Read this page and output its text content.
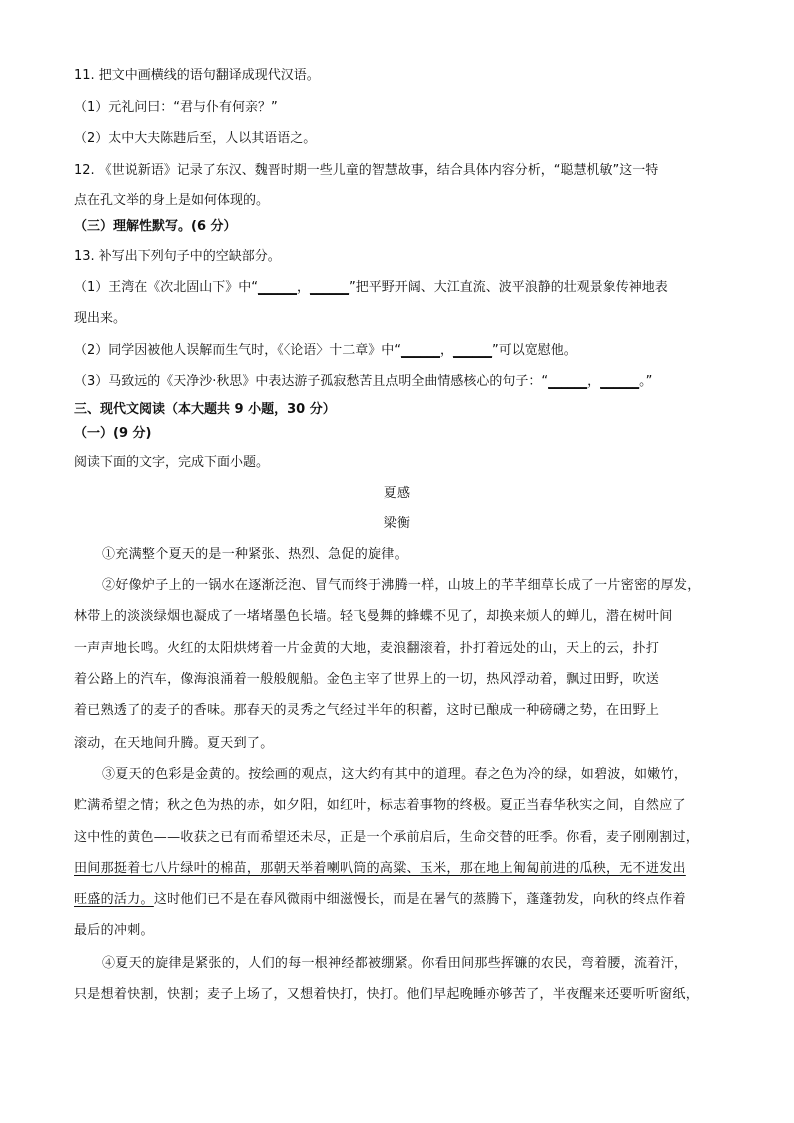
11. 把文中画横线的语句翻译成现代汉语。
（1）元礼问曰：“君与仆有何亲？”
（2）太中大夫陈韪后至，人以其语语之。
12. 《世说新语》记录了东汉、魏晋时期一些儿童的智慧故事，结合具体内容分析，“聪慧机敏”这一特
点在孔文举的身上是如何体现的。
（三）理解性默写。(6 分）
13. 补写出下列句子中的空缺部分。
（1）王湾在《次北固山下》中“______，______”把平野开阔、大江直流、波平浪静的壮观景象传神地表
现出来。
（2）同学因被他人误解而生气时，《〈论语〉十二章》中“______，______”可以宽慰他。
（3）马致远的《天净沙·秋思》中表达游子孤寂愁苦且点明全曲情感核心的句子：“______，______。”
三、现代文阅读（本大题共 9 小题，30 分）
（一）(9 分)
阅读下面的文字，完成下面小题。
夏感
梁衡
①充满整个夏天的是一种紧张、热烈、急促的旋律。
②好像炉子上的一锅水在逐渐泛泡、冒气而终于沸腾一样，山坡上的芊芊细草长成了一片密密的厚发，
林带上的淡淡绿烟也凝成了一堵堵墨色长墙。轻飞曼舞的蜂蝶不见了，却换来烦人的蝉儿，潜在树叶间
一声声地长鸣。火红的太阳烘烤着一片金黄的大地，麦浪翻滚着，扑打着远处的山，天上的云，扑打
着公路上的汽车，像海浪涌着一般般舰船。金色主宰了世界上的一切，热风浮动着，飘过田野，吹送
着已熟透了的麦子的香味。那春天的灵秀之气经过半年的积蓄，这时已酿成一种磅礴之势，在田野上
滚动，在天地间升腾。夏天到了。
③夏天的色彩是金黄的。按绘画的观点，这大约有其中的道理。春之色为冷的绿，如碧波，如嫩竹，
贮满希望之情；秋之色为热的赤，如夕阳，如红叶，标志着事物的终极。夏正当春华秋实之间，自然应了
这中性的黄色——收获之已有而希望还未尽，正是一个承前启后，生命交替的旺季。你看，麦子刚刚割过，
田间那挺着七八片绿叶的棉苗，那朝天举着喇叭筒的高粱、玉米，那在地上匍匐前进的瓜秧，无不迸发出
旺盛的活力。这时他们已不是在春风微雨中细滋慢长，而是在暑气的蒸腾下，蓬蓬勃发，向秋的终点作着
最后的冲刺。
④夏天的旋律是紧张的，人们的每一根神经都被绷紧。你看田间那些挥镰的农民，弯着腰，流着汗，
只是想着快割，快割；麦子上场了，又想着快打，快打。他们早起晚睡亦够苦了，半夜醒来还要听听窗纸，
